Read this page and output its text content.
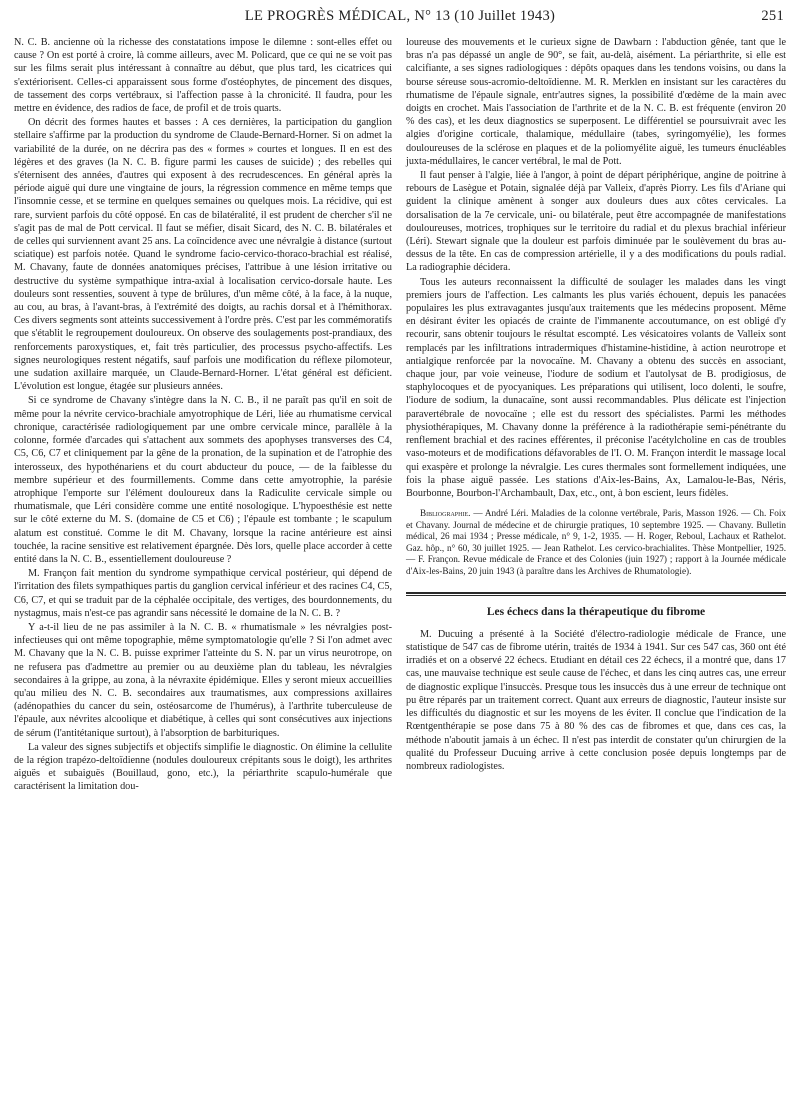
LE PROGRÈS MÉDICAL, N° 13 (10 Juillet 1943)	251

N. C. B. ancienne où la richesse des constatations impose le dilemne : sont-elles effet ou cause ? On est porté à croire, là comme ailleurs, avec M. Policard, que ce qui ne se voit pas sur les films serait plus intéressant à connaître au début, que plus tard, les cicatrices qui s'extériorisent. Celles-ci apparaissent sous forme d'ostéophytes, de pincement des disques, de tassement des corps vertébraux, si l'affection passe à la chronicité. Il faudra, pour les mettre en évidence, des radios de face, de profil et de trois quarts.

On décrit des formes hautes et basses : A ces dernières, la participation du ganglion stellaire s'affirme par la production du syndrome de Claude-Bernard-Horner. Si on admet la variabilité de la durée, on ne décrira pas des « formes » courtes et longues. Il en est des légères et des graves (la N. C. B. figure parmi les causes de suicide) ; des rebelles qui s'éternisent des années, d'autres qui exposent à des recrudescences. En général après la période aiguë qui dure une vingtaine de jours, la régression commence en même temps que l'insomnie cesse, et se termine en quelques semaines ou quelques mois. La récidive, qui est rare, survient parfois du côté opposé. En cas de bilatéralité, il est prudent de chercher s'il ne s'agit pas de mal de Pott cervical. Il faut se méfier, disait Sicard, des N. C. B. bilatérales et de celles qui surviennent avant 25 ans. La coïncidence avec une névralgie à distance (surtout sciatique) est parfois notée. Quand le syndrome facio-cervico-thoraco-brachial est réalisé, M. Chavany, faute de données anatomiques précises, l'attribue à une lésion irritative ou destructive du système sympathique intra-axial à localisation cervico-dorsale haute. Les douleurs sont ressenties, souvent à type de brûlures, d'un même côté, à la face, à la nuque, au cou, au bras, à l'avant-bras, à l'extrémité des doigts, au rachis dorsal et à l'hémithorax. Ces divers segments sont atteints successivement à l'ordre près. C'est par les commémoratifs que s'établit le regroupement douloureux. On observe des soulagements post-prandiaux, des renforcements paroxystiques, et, fait très particulier, des processus psycho-affectifs. Les signes neurologiques restent négatifs, sauf parfois une modification du réflexe pilomoteur, une sudation axillaire marquée, un Claude-Bernard-Horner. L'état général est déficient. L'évolution est longue, étagée sur plusieurs années.

Si ce syndrome de Chavany s'intègre dans la N. C. B., il ne paraît pas qu'il en soit de même pour la névrite cervico-brachiale amyotrophique de Léri, liée au rhumatisme cervical chronique, caractérisée radiologiquement par une ombre cervicale mince, parallèle à la colonne, formée d'arcades qui s'attachent aux sommets des apophyses transverses des C4, C5, C6, C7 et cliniquement par la gêne de la pronation, de la supination et de l'atrophie des interosseux, des hypothénariens et du court abducteur du pouce, — de la faiblesse du membre supérieur et des fourmillements. Comme dans cette amyotrophie, la parésie atrophique l'emporte sur l'élément douloureux dans la Radiculite cervicale simple ou rhumatismale, que Léri considère comme une entité nosologique. L'hypoesthésie est nette sur le côté externe du M. S. (domaine de C5 et C6) ; l'épaule est tombante ; le scapulum alatum est constitué. Comme le dit M. Chavany, lorsque la racine antérieure est ainsi touchée, la racine sensitive est relativement épargnée. Dès lors, quelle place accorder à cette entité dans la N. C. B., essentiellement douloureuse ?

M. Françon fait mention du syndrome sympathique cervical postérieur, qui dépend de l'irritation des filets sympathiques partis du ganglion cervical inférieur et des racines C4, C5, C6, C7, et qui se traduit par de la céphalée occipitale, des vertiges, des bourdonnements, du nystagmus, mais n'est-ce pas agrandir sans nécessité le domaine de la N. C. B. ?

Y a-t-il lieu de ne pas assimiler à la N. C. B. « rhumatismale » les névralgies post-infectieuses qui ont même topographie, même symptomatologie qu'elle ? Si l'on admet avec M. Chavany que la N. C. B. puisse exprimer l'atteinte du S. N. par un virus neurotrope, on ne refusera pas d'admettre au premier ou au deuxième plan du tableau, les névralgies secondaires à la grippe, au zona, à la névraxite épidémique. Elles y seront mieux accueillies qu'au milieu des N. C. B. secondaires aux traumatismes, aux compressions axillaires (adénopathies du cancer du sein, ostéosarcome de l'humérus), à l'arthrite tuberculeuse de l'épaule, aux névrites alcoolique et diabétique, à celles qui sont consécutives aux injections de sérum (l'antitétanique surtout), à l'absorption de barbituriques.

La valeur des signes subjectifs et objectifs simplifie le diagnostic. On élimine la cellulite de la région trapézo-deltoïdienne (nodules douloureux crépitants sous le doigt), les arthrites aiguës et subaiguës (Bouillaud, gono, etc.), la périarthrite scapulo-humérale que caractérisent la limitation dou-

loureuse des mouvements et le curieux signe de Dawbarn : l'abduction gênée, tant que le bras n'a pas dépassé un angle de 90°, se fait, au-delà, aisément. La périarthrite, si elle est calcifiante, a ses signes radiologiques : dépôts opaques dans les tendons voisins, ou dans la bourse séreuse sous-acromio-deltoïdienne. M. R. Merklen en insistant sur les caractères du rhumatisme de l'épaule signale, entr'autres signes, la possibilité d'œdème de la main avec doigts en crochet. Mais l'association de l'arthrite et de la N. C. B. est fréquente (environ 20 % des cas), et les deux diagnostics se superposent. Le différentiel se poursuivrait avec les algies d'origine corticale, thalamique, médullaire (tabes, syringomyélie), les formes douloureuses de la sclérose en plaques et de la poliomyélite aiguë, les tumeurs énucléables juxta-médullaires, le cancer vertébral, le mal de Pott.

Il faut penser à l'algie, liée à l'angor, à point de départ périphérique, angine de poitrine à rebours de Lasègue et Potain, signalée déjà par Valleix, d'après Piorry. Les fils d'Ariane qui guident la clinique amènent à songer aux douleurs dues aux côtes cervicales. La dorsalisation de la 7e cervicale, uni- ou bilatérale, peut être accompagnée de manifestations douloureuses, motrices, trophiques sur le territoire du radial et du plexus brachial inférieur (Léri). Stewart signale que la douleur est parfois diminuée par le soulèvement du bras au-dessus de la tête. En cas de compression artérielle, il y a des modifications du pouls radial. La radiographie décidera.

Tous les auteurs reconnaissent la difficulté de soulager les malades dans les vingt premiers jours de l'affection. Les calmants les plus variés échouent, depuis les panacées populaires les plus extravagantes jusqu'aux traitements que les médecins proposent. Même en désirant éviter les opiacés de crainte de l'immanente accoutumance, on est obligé d'y recourir, sans obtenir toujours le résultat escompté. Les vésicatoires volants de Valleix sont remplacés par les infiltrations intradermiques d'histamine-histidine, à action neurotrope et antialgique renforcée par la novocaïne. M. Chavany a obtenu des succès en associant, chaque jour, par voie veineuse, l'iodure de sodium et l'autolysat de B. prodigiosus, de staphylocoques et de pyocyaniques. Les préparations qui utilisent, loco dolenti, le soufre, l'iodure de sodium, la dunacaïne, sont aussi recommandables. Plus délicate est l'injection paravertébrale de novocaïne ; elle est du ressort des spécialistes. Parmi les méthodes physiothérapiques, M. Chavany donne la préférence à la radiothérapie semi-pénétrante du renflement brachial et des racines efférentes, il préconise l'acétylcholine en cas de troubles vaso-moteurs et de modifications défavorables de l'I. O. M. Françon interdit le massage local qui exaspère et prolonge la névralgie. Les cures thermales sont formellement indiquées, une fois la phase aiguë passée. Les stations d'Aix-les-Bains, Ax, Lamalou-le-Bas, Néris, Bourbonne, Bourbon-l'Archambault, Dax, etc., ont, à bon escient, leurs fidèles.

Bibliographie. — André Léri. Maladies de la colonne vertébrale, Paris, Masson 1926. — Ch. Foix et Chavany. Journal de médecine et de chirurgie pratiques, 10 septembre 1925. — Chavany. Bulletin médical, 26 mai 1934 ; Presse médicale, n° 9, 1-2, 1935. — H. Roger, Reboul, Lachaux et Rathelot. Gaz. hôp., n° 60, 30 juillet 1925. — Jean Rathelot. Les cervico-brachialites. Thèse Montpellier, 1925. — F. Françon. Revue médicale de France et des Colonies (juin 1927) ; rapport à la Journée médicale d'Aix-les-Bains, 20 juin 1943 (à paraître dans les Archives de Rhumatologie).

Les échecs dans la thérapeutique du fibrome

M. Ducuing a présenté à la Société d'électro-radiologie médicale de France, une statistique de 547 cas de fibrome utérin, traités de 1934 à 1941. Sur ces 547 cas, 360 ont été irradiés et on a observé 22 échecs. Etudiant en détail ces 22 échecs, il a montré que, dans 17 cas, une mauvaise technique est seule cause de l'échec, et dans les cinq autres cas, une erreur de diagnostic explique l'insuccès. Presque tous les insuccès dus à une erreur de technique ont pu être réparés par un traitement correct. Quant aux erreurs de diagnostic, l'auteur insiste sur les difficultés du diagnostic et sur les moyens de les éviter. Il conclue que l'indication de la Rœntgenthérapie se pose dans 75 à 80 % des cas de fibromes et que, dans ces cas, la méthode n'aboutit jamais à un échec. Il n'est pas interdit de constater qu'un chirurgien de la qualité du Professeur Ducuing arrive à cette conclusion posée depuis longtemps par de nombreux radiologistes.
